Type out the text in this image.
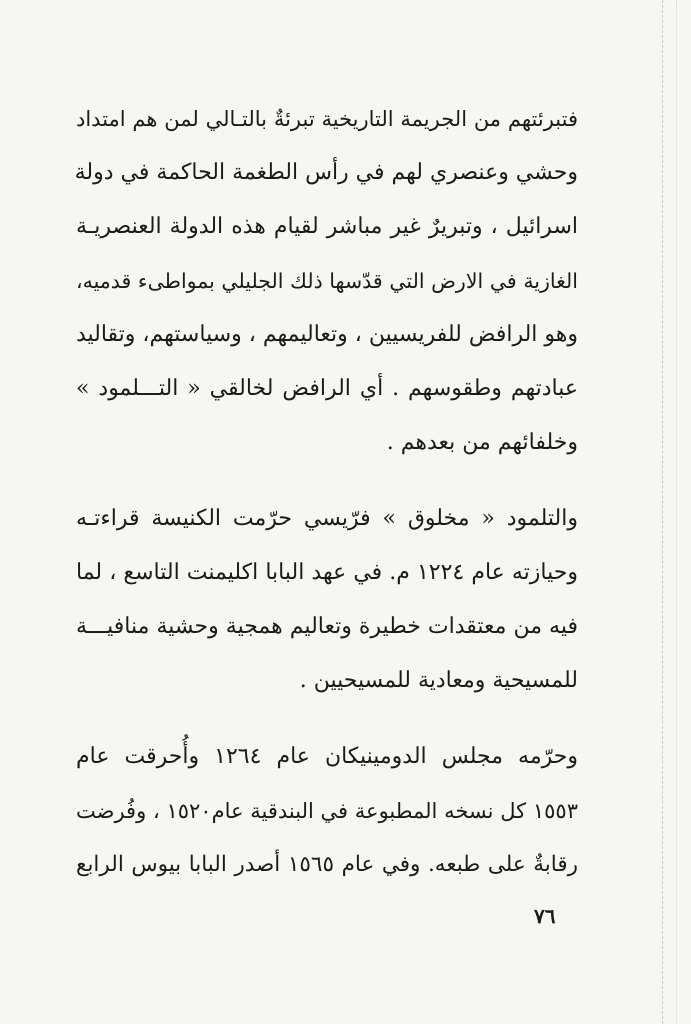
فتبرئتهم من الجريمة التاريخية تبرئةٌ بالتـالي لمن هم امتداد
وحشي وعنصري لهم في رأس الطغمة الحاكمة في دولة
اسرائيل ، وتبريرٌ غير مباشر لقيام هذه الدولة العنصريـة
الغازية في الارض التي قدّسها ذلك الجليلي بمواطىء قدميه،
وهو الرافض للفريسيين ، وتعاليمهم ، وسياستهم، وتقاليد
عبادتهم وطقوسهم . أي الرافض لخالقي « التـــلمود »
وخلفائهم من بعدهم .
والتلمود « مخلوق » فرّيسي حرّمت الكنيسة قراءتـه
وحيازته عام ١٢٢٤ م. في عهد البابا اكليمنت التاسع ، لما
فيه من معتقدات خطيرة وتعاليم همجية وحشية منافيـــة
للمسيحية ومعادية للمسيحيين .
وحرّمه مجلس الدومينيكان عام ١٢٦٤ وأُحرقت عام
١٥٥٣ كل نسخه المطبوعة في البندقية عام١٥٢٠ ، وفُرضت
رقابةٌ على طبعه. وفي عام ١٥٦٥ أصدر البابا بيوس الرابع
٧٦
